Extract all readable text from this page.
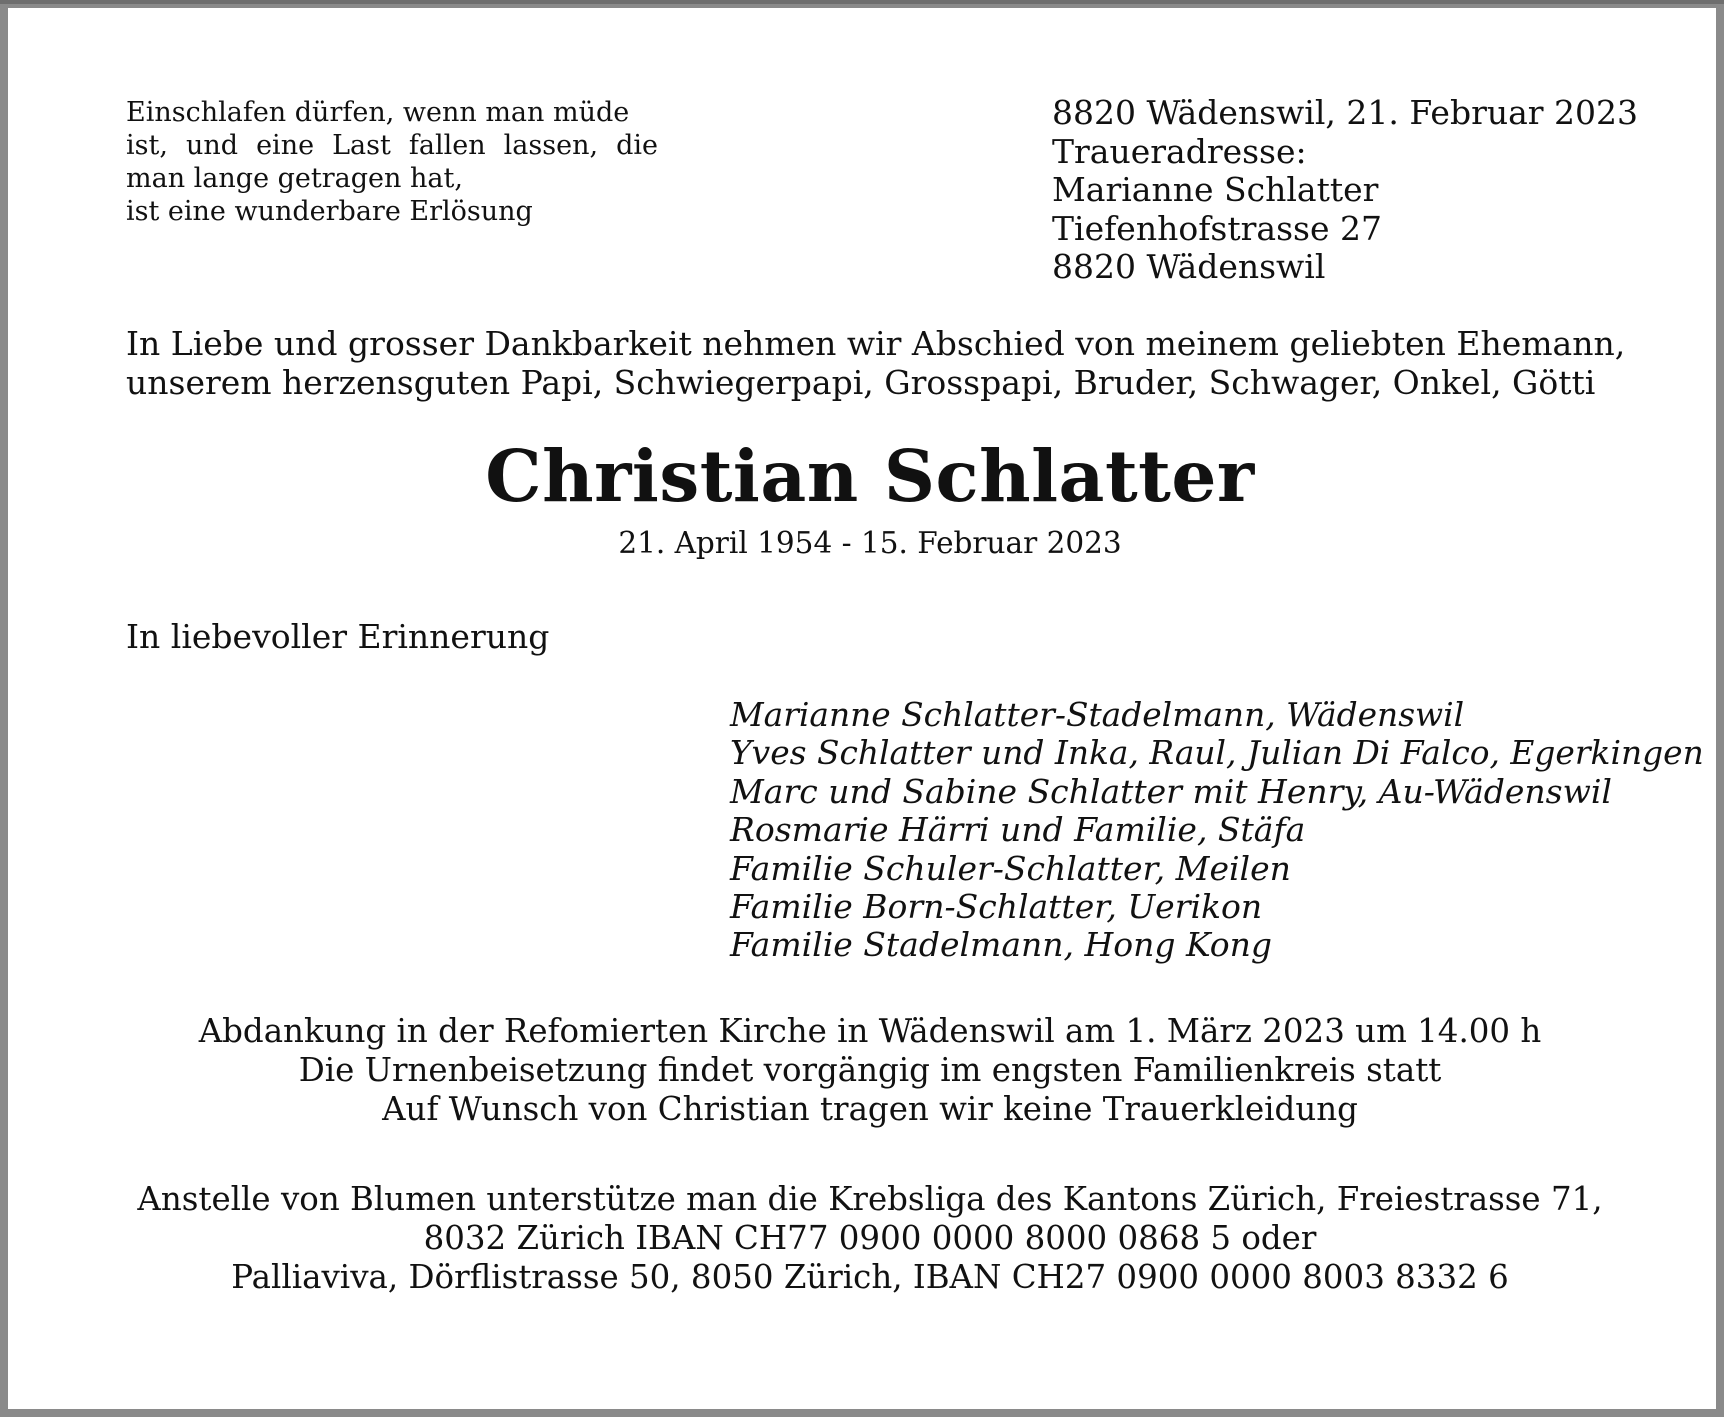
Einschlafen dürfen, wenn man müde
ist, und eine Last fallen lassen, die
man lange getragen hat,
ist eine wunderbare Erlösung
8820 Wädenswil, 21. Februar 2023
Traueradresse:
Marianne Schlatter
Tiefenhofstrasse 27
8820 Wädenswil
In Liebe und grosser Dankbarkeit nehmen wir Abschied von meinem geliebten Ehemann,
unserem herzensguten Papi, Schwiegerpapi, Grosspapi, Bruder, Schwager, Onkel, Götti
Christian Schlatter
21. April 1954 - 15. Februar 2023
In liebevoller Erinnerung
Marianne Schlatter-Stadelmann, Wädenswil
Yves Schlatter und Inka, Raul, Julian Di Falco, Egerkingen
Marc und Sabine Schlatter mit Henry, Au-Wädenswil
Rosmarie Härri und Familie, Stäfa
Familie Schuler-Schlatter, Meilen
Familie Born-Schlatter, Uerikon
Familie Stadelmann, Hong Kong
Abdankung in der Refomierten Kirche in Wädenswil am 1. März 2023 um 14.00 h
Die Urnenbeisetzung findet vorgängig im engsten Familienkreis statt
Auf Wunsch von Christian tragen wir keine Trauerkleidung
Anstelle von Blumen unterstütze man die Krebsliga des Kantons Zürich, Freiestrasse 71,
8032 Zürich IBAN CH77 0900 0000 8000 0868 5 oder
Palliaviva, Dörflistrasse 50, 8050 Zürich, IBAN CH27 0900 0000 8003 8332 6
